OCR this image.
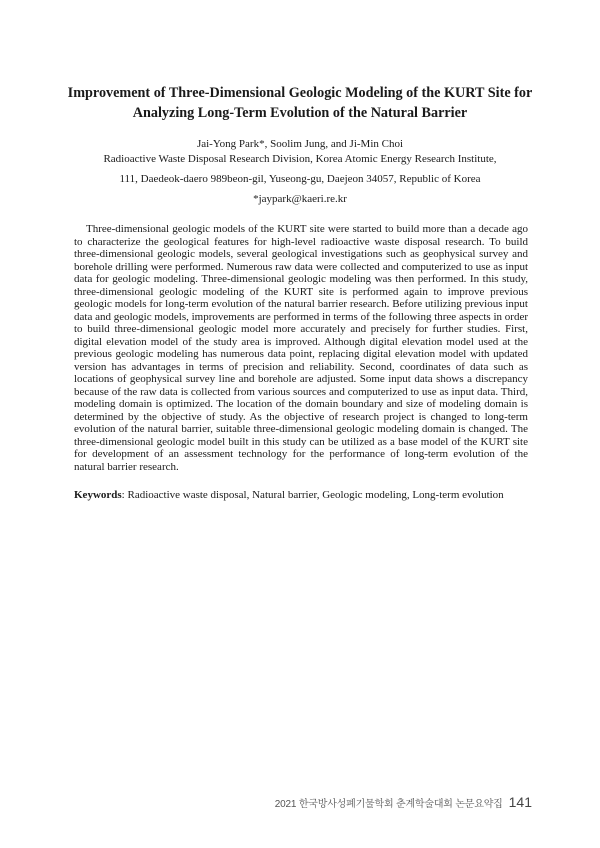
Improvement of Three-Dimensional Geologic Modeling of the KURT Site for
Analyzing Long-Term Evolution of the Natural Barrier

Jai-Yong Park*, Soolim Jung, and Ji-Min Choi

Radioactive Waste Disposal Research Division, Korea Atomic Energy Research Institute,

111, Daedeok-daero 989beon-gil, Yuseong-gu, Daejeon 34057, Republic of Korea

*jaypark@kaeri.re.kr

Three-dimensional geologic models of the KURT site were started to build more than a decade ago to characterize the geological features for high-level radioactive waste disposal research. To build three-dimensional geologic models, several geological investigations such as geophysical survey and borehole drilling were performed. Numerous raw data were collected and computerized to use as input data for geologic modeling. Three-dimensional geologic modeling was then performed. In this study, three-dimensional geologic modeling of the KURT site is performed again to improve previous geologic models for long-term evolution of the natural barrier research. Before utilizing previous input data and geologic models, improvements are performed in terms of the following three aspects in order to build three-dimensional geologic model more accurately and precisely for further studies. First, digital elevation model of the study area is improved. Although digital elevation model used at the previous geologic modeling has numerous data point, replacing digital elevation model with updated version has advantages in terms of precision and reliability. Second, coordinates of data such as locations of geophysical survey line and borehole are adjusted. Some input data shows a discrepancy because of the raw data is collected from various sources and computerized to use as input data. Third, modeling domain is optimized. The location of the domain boundary and size of modeling domain is determined by the objective of study. As the objective of research project is changed to long-term evolution of the natural barrier, suitable three-dimensional geologic modeling domain is changed. The three-dimensional geologic model built in this study can be utilized as a base model of the KURT site for development of an assessment technology for the performance of long-term evolution of the natural barrier research.

Keywords: Radioactive waste disposal, Natural barrier, Geologic modeling, Long-term evolution

2021 한국방사성폐기물학회 춘계학술대회 논문요약집 141
